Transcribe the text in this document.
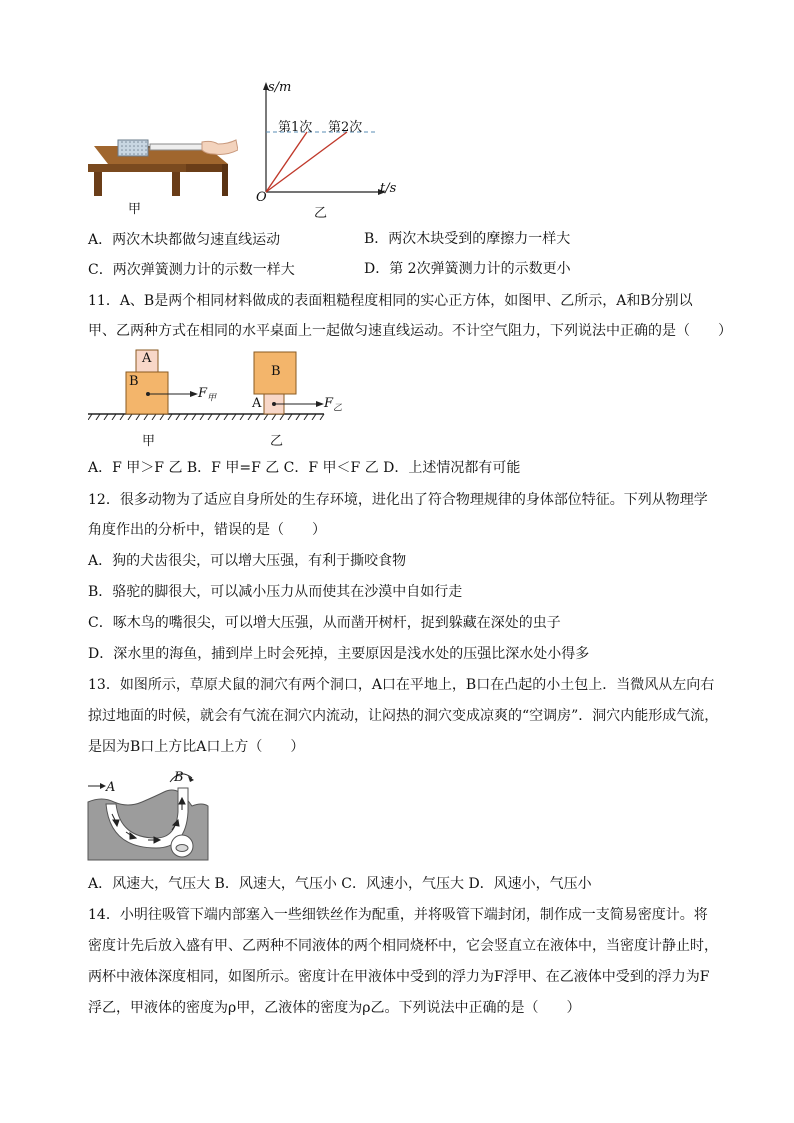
甲
s/m
t/s
O
第1次 第2次
乙
A．两次木块都做匀速直线运动	B．两次木块受到的摩擦力一样大
C．两次弹簧测力计的示数一样大	D．第 2次弹簧测力计的示数更小
11．A、B是两个相同材料做成的表面粗糙程度相同的实心正方体，如图甲、乙所示，A和B分别以
甲、乙两种方式在相同的水平桌面上一起做匀速直线运动。不计空气阻力，下列说法中正确的是（　　）
A
B
B
A
$F_甲$	$F_乙$
甲	乙
A．F 甲＞F 乙 B．F 甲=F 乙 C．F 甲＜F 乙 D．上述情况都有可能
12．很多动物为了适应自身所处的生存环境，进化出了符合物理规律的身体部位特征。下列从物理学
角度作出的分析中，错误的是（　　）
A．狗的犬齿很尖，可以增大压强，有利于撕咬食物
B．骆驼的脚很大，可以减小压力从而使其在沙漠中自如行走
C．啄木鸟的嘴很尖，可以增大压强，从而凿开树杆，捉到躲藏在深处的虫子
D．深水里的海鱼，捕到岸上时会死掉，主要原因是浅水处的压强比深水处小得多
13．如图所示，草原犬鼠的洞穴有两个洞口，A口在平地上，B口在凸起的小土包上．当微风从左向右
掠过地面的时候，就会有气流在洞穴内流动，让闷热的洞穴变成凉爽的“空调房”．洞穴内能形成气流，
是因为B口上方比A口上方（　　）
A
B
A．风速大，气压大 B．风速大，气压小 C．风速小，气压大 D．风速小，气压小
14．小明往吸管下端内部塞入一些细铁丝作为配重，并将吸管下端封闭，制作成一支简易密度计。将
密度计先后放入盛有甲、乙两种不同液体的两个相同烧杯中，它会竖直立在液体中，当密度计静止时，
两杯中液体深度相同，如图所示。密度计在甲液体中受到的浮力为F浮甲、在乙液体中受到的浮力为F
浮乙，甲液体的密度为ρ甲，乙液体的密度为ρ乙。下列说法中正确的是（　　）
